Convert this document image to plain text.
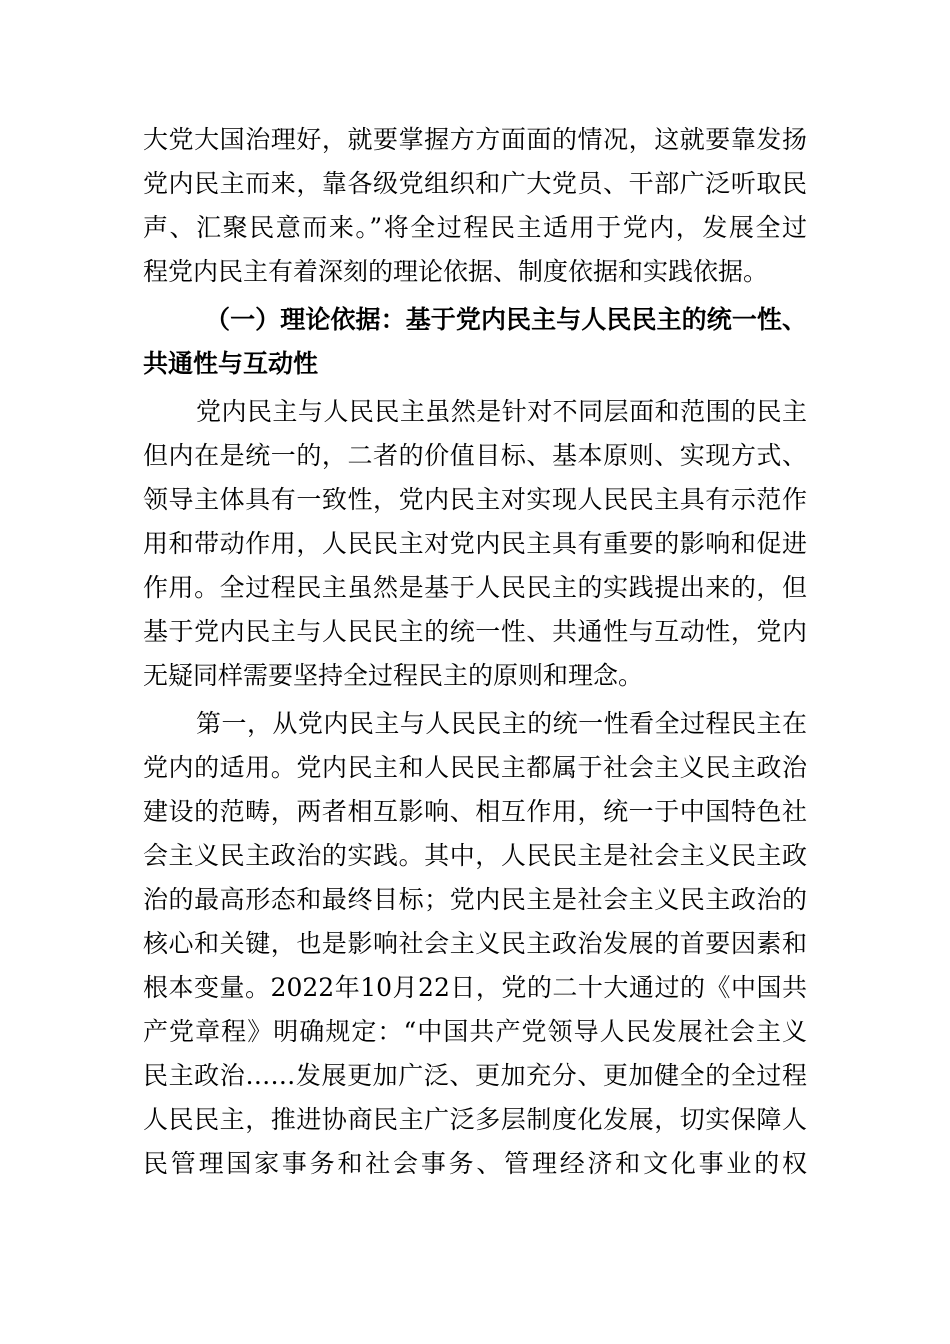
大党大国治理好，就要掌握方方面面的情况，这就要靠发扬
党内民主而来，靠各级党组织和广大党员、干部广泛听取民
声、汇聚民意而来。”将全过程民主适用于党内，发展全过
程党内民主有着深刻的理论依据、制度依据和实践依据。
（一）理论依据：基于党内民主与人民民主的统一性、
共通性与互动性
党内民主与人民民主虽然是针对不同层面和范围的民主
但内在是统一的，二者的价值目标、基本原则、实现方式、
领导主体具有一致性，党内民主对实现人民民主具有示范作
用和带动作用，人民民主对党内民主具有重要的影响和促进
作用。全过程民主虽然是基于人民民主的实践提出来的，但
基于党内民主与人民民主的统一性、共通性与互动性，党内
无疑同样需要坚持全过程民主的原则和理念。
第一，从党内民主与人民民主的统一性看全过程民主在
党内的适用。党内民主和人民民主都属于社会主义民主政治
建设的范畴，两者相互影响、相互作用，统一于中国特色社
会主义民主政治的实践。其中，人民民主是社会主义民主政
治的最高形态和最终目标；党内民主是社会主义民主政治的
核心和关键，也是影响社会主义民主政治发展的首要因素和
根本变量。2022年10月22日，党的二十大通过的《中国共
产党章程》明确规定：“中国共产党领导人民发展社会主义
民主政治……发展更加广泛、更加充分、更加健全的全过程
人民民主，推进协商民主广泛多层制度化发展，切实保障人
民管理国家事务和社会事务、管理经济和文化事业的权
